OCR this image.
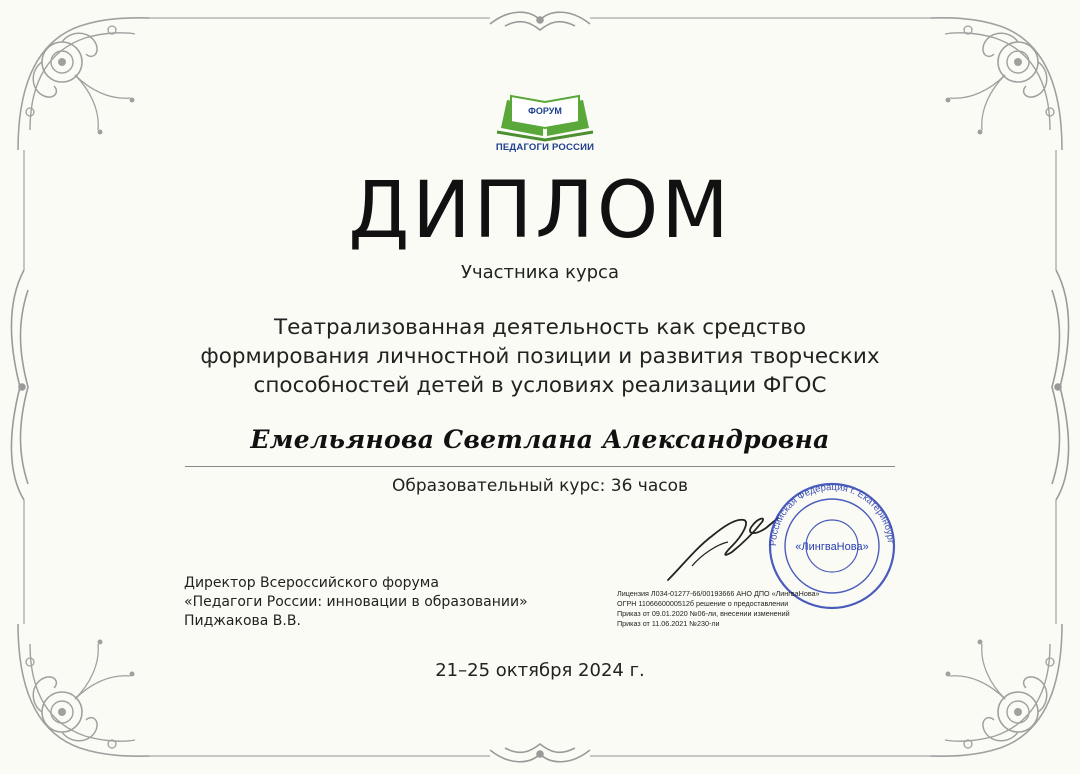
ФОРУМ
ПЕДАГОГИ РОССИИ
ДИПЛОМ
Участника курса
Театрализованная деятельность как средство
формирования личностной позиции и развития творческих
способностей детей в условиях реализации ФГОС
Емельянова Светлана Александровна
Образовательный курс: 36 часов
Российская Федерация г. Екатеринбург
«ЛингваНова»
Директор Всероссийского форума
«Педагоги России: инновации в образовании»
Пиджакова В.В.
Лицензия Л034-01277-66/00193666 АНО ДПО «ЛингваНова»
ОГРН 1106660000512б решение о предоставлении
Приказ от 09.01.2020 №06-ли, внесении изменений
Приказ от 11.06.2021 №230-ли
21–25 октября 2024 г.
